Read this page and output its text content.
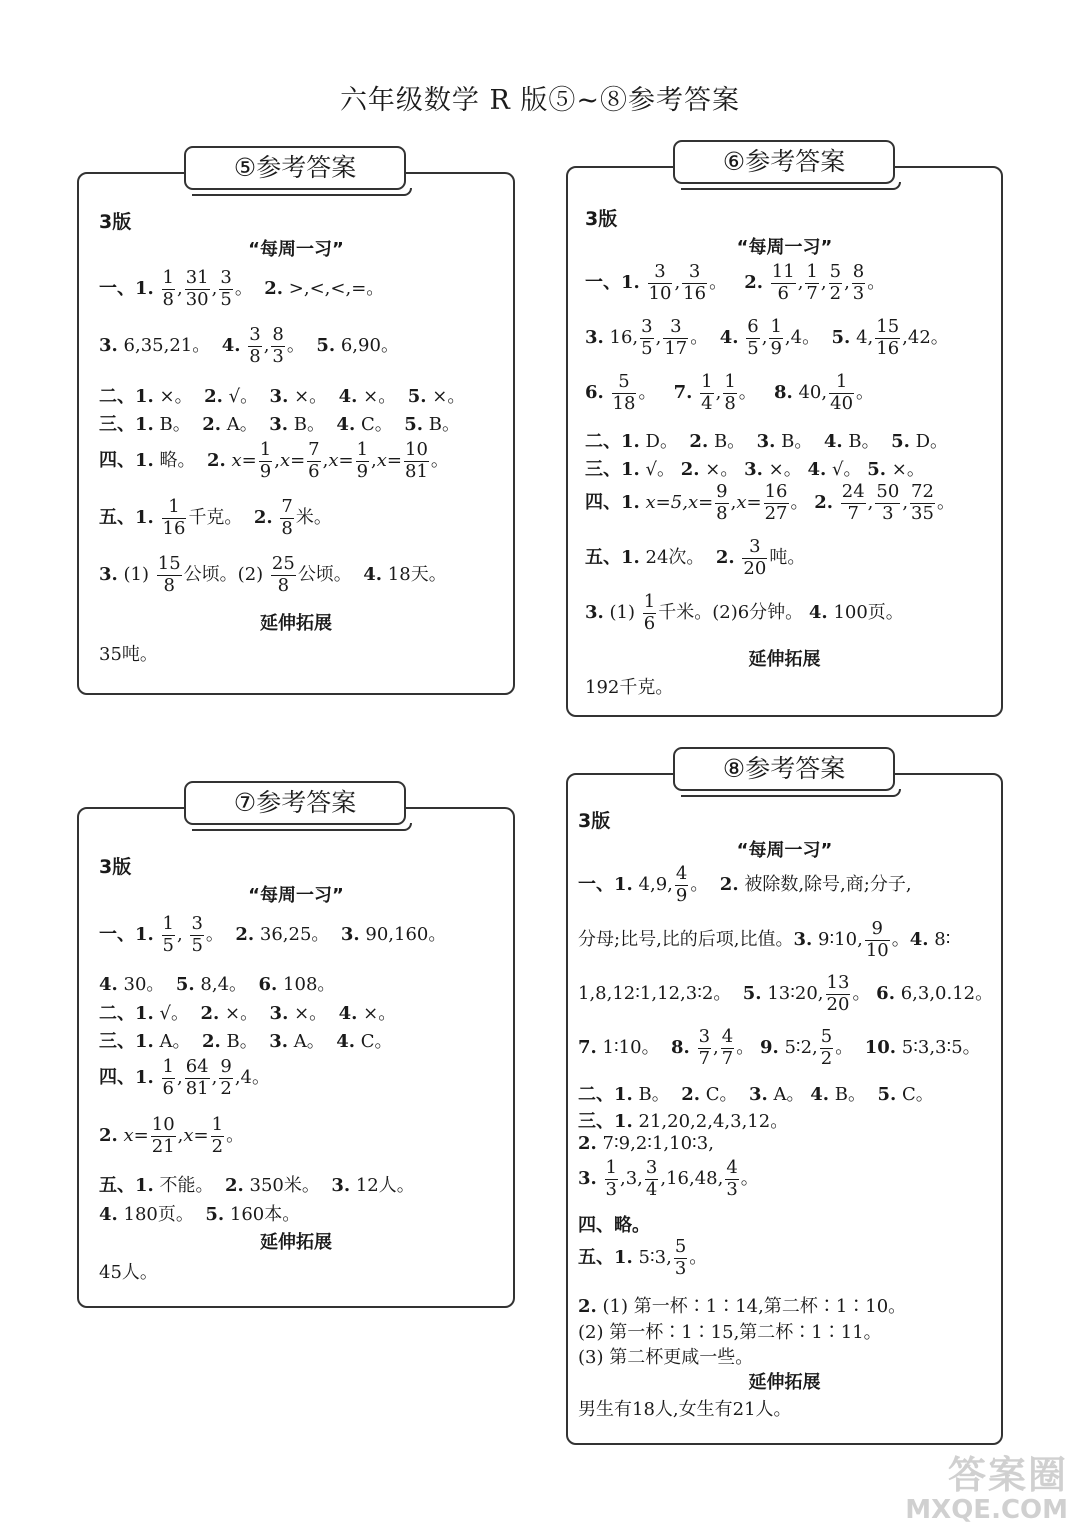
六年级数学 R 版⑤~⑧参考答案
⑤参考答案
3版
“每周一习”
一、1. $\frac{1}{8}$ , $\frac{31}{30}$ , $\frac{3}{5}$ 。  2. >,<,<,=。
3. 6,35,21。 4. $\frac{3}{8}$ , $\frac{8}{3}$ 。  5. 6,90。
二、1. ×。 2. √。 3. ×。 4. ×。 5. ×。
三、1. B。 2. A。 3. B。 4. C。 5. B。
四、1. 略。 2. $x= \frac{1}{9} ,x= \frac{7}{6} ,x= \frac{1}{9} ,x= \frac{10}{81}$ 。
五、1. $\frac{1}{16}$ 千克。 2. $\frac{7}{8}$ 米。
3. $(1) \frac{15}{8}$ 公顷。$(2) \frac{25}{8}$ 公顷。 4. 18天。
延伸拓展
35吨。
⑥参考答案
3版
“每周一习”
一、1. $\frac{3}{10}$ , $\frac{3}{16}$ 。   2. $\frac{11}{6}$ , $\frac{1}{7}$ , $\frac{5}{2}$ , $\frac{8}{3}$ 。
3. 16, $\frac{3}{5}$ , $\frac{3}{17}$ 。  4. $\frac{6}{5}$ , $\frac{1}{9} ,4$。 5. 4, $\frac{15}{16} ,42$。
6. $\frac{5}{18}$ 。   7. $\frac{1}{4}$ , $\frac{1}{8}$ 。   8. 40, $\frac{1}{40}$ 。
二、1. D。 2. B。 3. B。 4. B。 5. D。
三、1. √。 2. ×。 3. ×。 4. √。 5. ×。
四、1. $x=5,x= \frac{9}{8} ,x= \frac{16}{27}$ 。 2. $\frac{24}{7}$ , $\frac{50}{3}$ , $\frac{72}{35}$ 。
五、1. 24次。 2. $\frac{3}{20}$ 吨。
3. $(1) \frac{1}{6}$ 千米。(2)6分钟。 4. 100页。
延伸拓展
192千克。
⑦参考答案
3版
“每周一习”
一、1. $\frac{1}{5}$ , $\frac{3}{5}$ 。  2. 36,25。 3. 90,160。
4. 30。 5. 8,4。 6. 108。
二、1. √。 2. ×。 3. ×。 4. ×。
三、1. A。 2. B。 3. A。 4. C。
四、1. $\frac{1}{6}$ , $\frac{64}{81}$ , $\frac{9}{2} ,4$。
2. $x= \frac{10}{21} ,x= \frac{1}{2}$ 。
五、1. 不能。 2. 350米。 3. 12人。
4. 180页。 5. 160本。
延伸拓展
45人。
⑧参考答案
3版
“每周一习”
一、1. 4,9, $\frac{4}{9}$ 。  2. 被除数,除号,商;分子,
分母;比号,比的后项,比值。3. 9∶10, $\frac{9}{10}$ 。4. 8∶
1,8,12∶1,12,3∶2。 5. 13∶20, $\frac{13}{20}$ 。 6. 6,3,0.12。
7. 1∶10。 8. $\frac{3}{7}$ , $\frac{4}{7}$ 。 9. 5∶2, $\frac{5}{2}$ 。  10. 5∶3,3∶5。
二、1. B。 2. C。 3. A。 4. B。 5. C。
三、1. 21,20,2,4,3,12。
2. 7∶9,2∶1,10∶3,
3. $\frac{1}{3} ,3$, $\frac{3}{4} ,16,48$, $\frac{4}{3}$ 。
四、略。
五、1. 5∶3, $\frac{5}{3}$ 。
2. (1) 第一杯∶1∶14,第二杯∶1∶10。
(2) 第一杯∶1∶15,第二杯∶1∶11。
(3) 第二杯更咸一些。
延伸拓展
男生有18人,女生有21人。
答案圈
MXQE.COM
